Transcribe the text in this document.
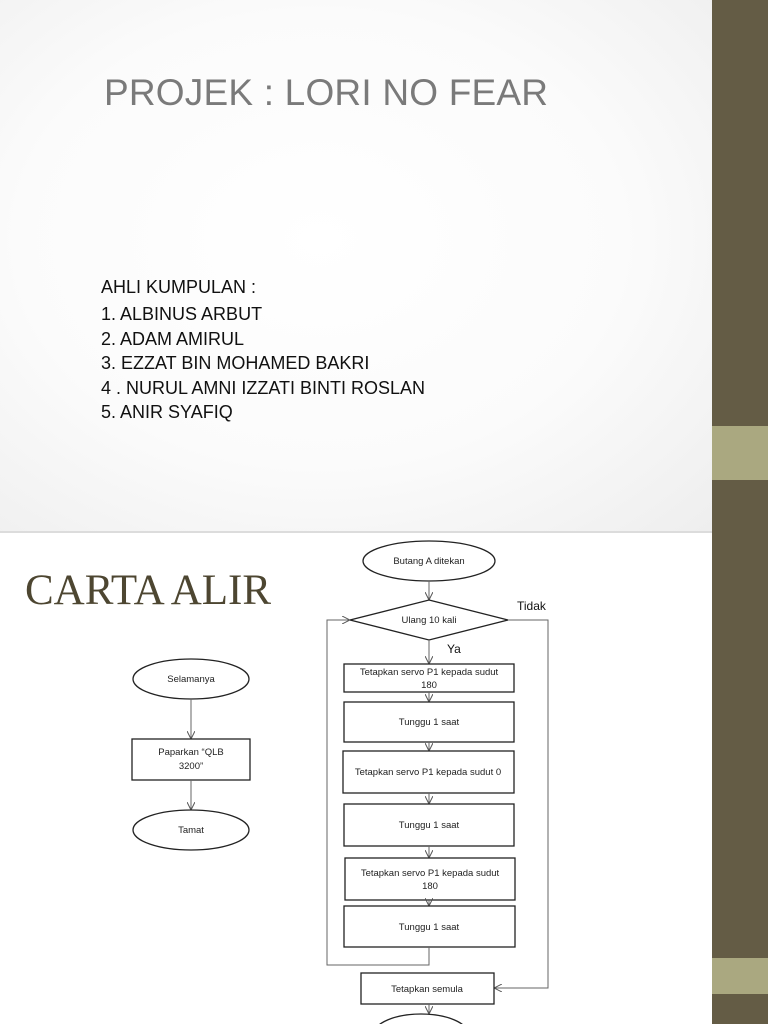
PROJEK : LORI NO FEAR
AHLI KUMPULAN :
1. ALBINUS ARBUT
2. ADAM AMIRUL
3. EZZAT BIN MOHAMED BAKRI
4 . NURUL AMNI IZZATI BINTI ROSLAN
5. ANIR SYAFIQ
CARTA ALIR
Selamanya
Paparkan “QLB
3200”
Tamat
Butang A ditekan
Ulang 10 kali
Tidak
Ya
Tetapkan servo P1 kepada sudut
180
Tunggu 1 saat
Tetapkan servo P1 kepada sudut 0
Tunggu 1 saat
Tetapkan servo P1 kepada sudut
180
Tunggu 1 saat
Tetapkan semula
